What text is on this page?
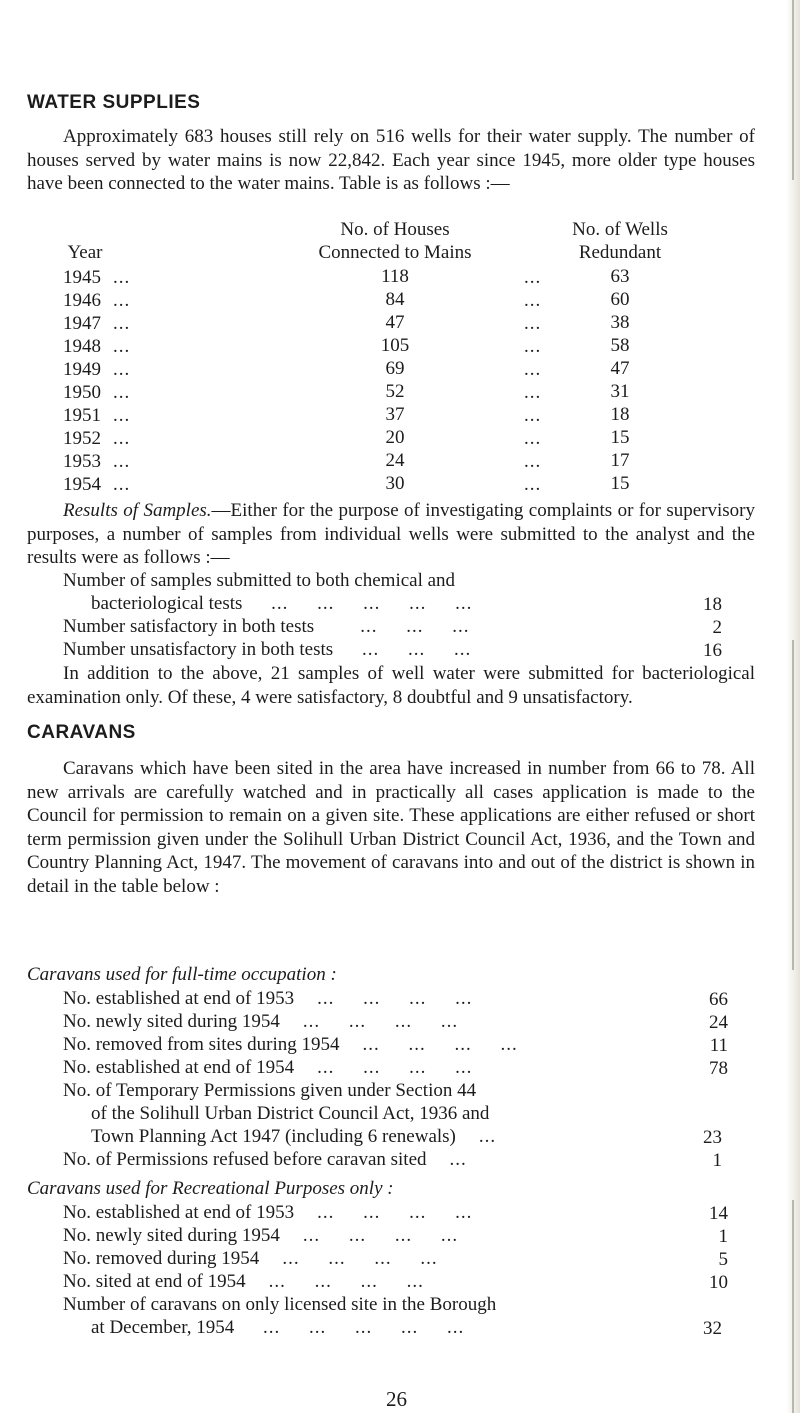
WATER SUPPLIES
Approximately 683 houses still rely on 516 wells for their water supply. The number of houses served by water mains is now 22,842. Each year since 1945, more older type houses have been connected to the water mains. Table is as follows :—
No. of Houses	No. of Wells
Year	Connected to Mains	Redundant
1945 ...	118	...	63
1946 ...	84	...	60
1947 ...	47	...	38
1948 ...	105	...	58
1949 ...	69	...	47
1950 ...	52	...	31
1951 ...	37	...	18
1952 ...	20	...	15
1953 ...	24	...	17
1954 ...	30	...	15
Results of Samples.—Either for the purpose of investigating complaints or for supervisory purposes, a number of samples from individual wells were submitted to the analyst and the results were as follows :—
Number of samples submitted to both chemical and
bacteriological tests     ...     ...     ...     ...     ...	18
Number satisfactory in both tests        ...     ...     ...	2
Number unsatisfactory in both tests     ...     ...     ...	16
In addition to the above, 21 samples of well water were submitted for bacteriological examination only. Of these, 4 were satisfactory, 8 doubtful and 9 unsatisfactory.
CARAVANS
Caravans which have been sited in the area have increased in number from 66 to 78. All new arrivals are carefully watched and in practically all cases application is made to the Council for permission to remain on a given site. These applications are either refused or short term permission given under the Solihull Urban District Council Act, 1936, and the Town and Country Planning Act, 1947. The movement of caravans into and out of the district is shown in detail in the table below :
Caravans used for full-time occupation :
No. established at end of 1953    ...     ...     ...     ...	66
No. newly sited during 1954    ...     ...     ...     ...	24
No. removed from sites during 1954    ...     ...     ...     ...	11
No. established at end of 1954    ...     ...     ...     ...	78
No. of Temporary Permissions given under Section 44
of the Solihull Urban District Council Act, 1936 and
Town Planning Act 1947 (including 6 renewals)    ...	23
No. of Permissions refused before caravan sited    ...	1
Caravans used for Recreational Purposes only :
No. established at end of 1953    ...     ...     ...     ...	14
No. newly sited during 1954    ...     ...     ...     ...	1
No. removed during 1954    ...     ...     ...     ...	5
No. sited at end of 1954    ...     ...     ...     ...	10
Number of caravans on only licensed site in the Borough
at December, 1954     ...     ...     ...     ...     ...	32
26
